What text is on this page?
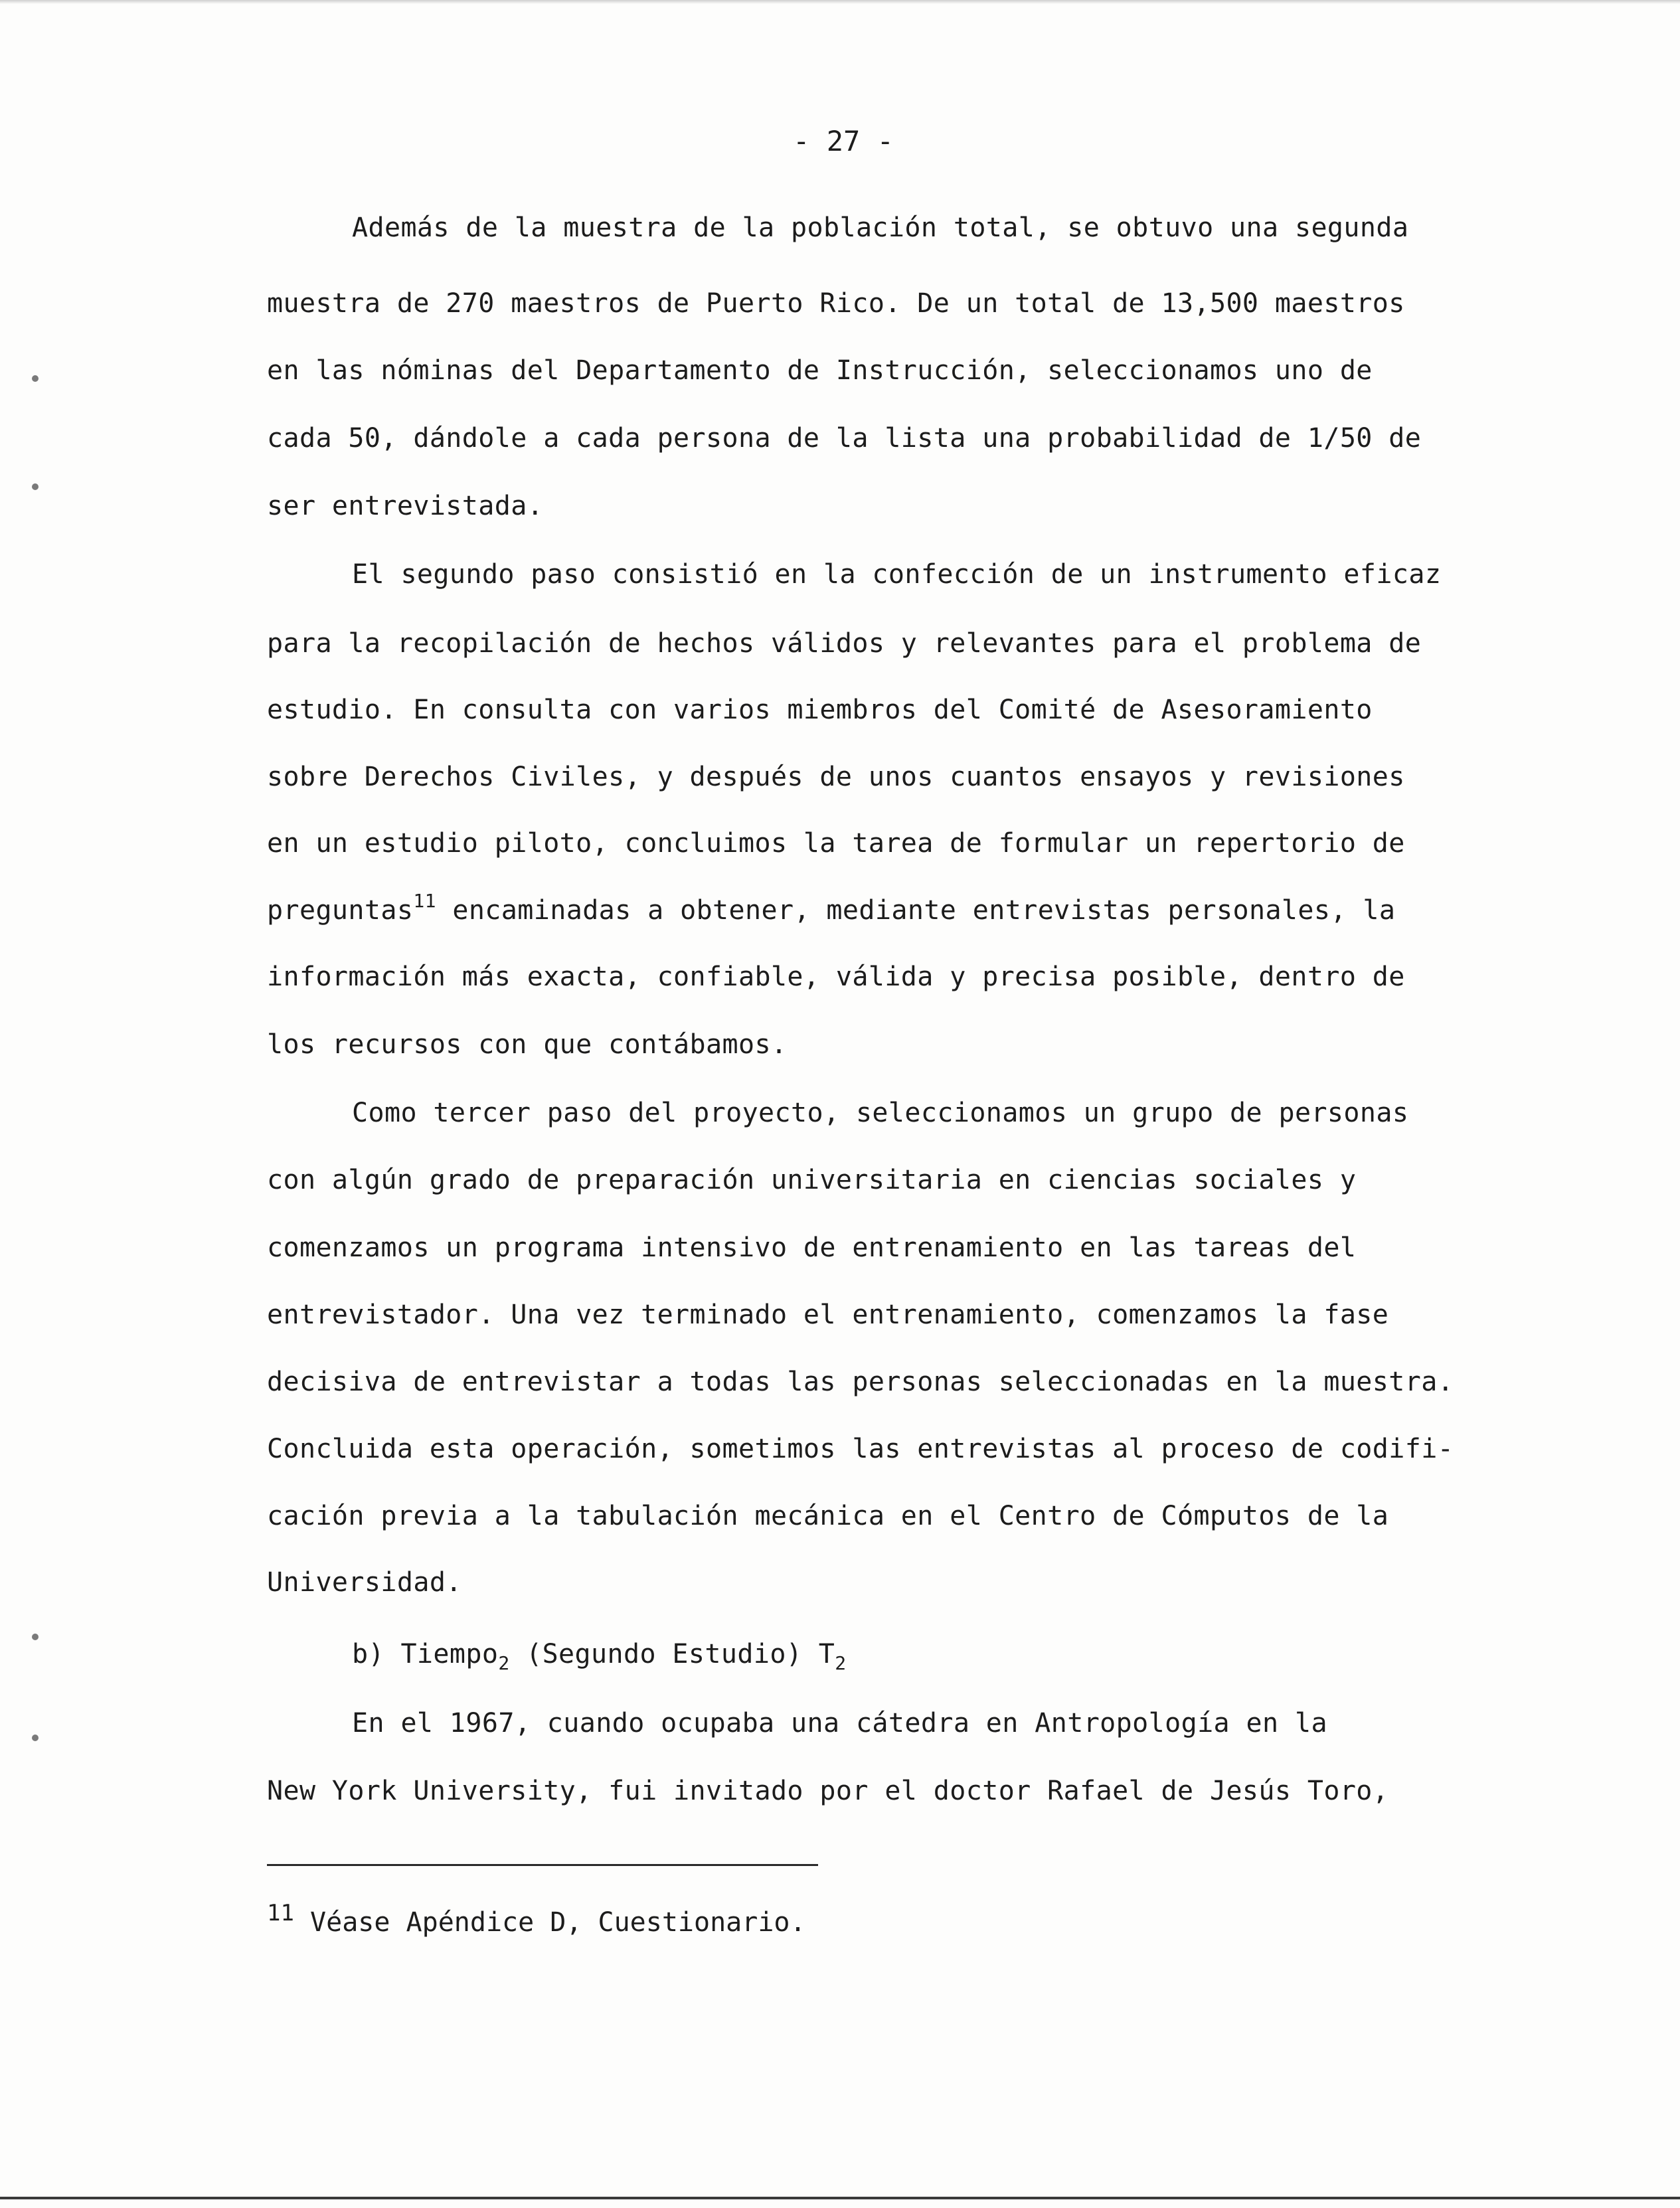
- 27 -
Además de la muestra de la población total, se obtuvo una segunda
muestra de 270 maestros de Puerto Rico. De un total de 13,500 maestros
en las nóminas del Departamento de Instrucción, seleccionamos uno de
cada 50, dándole a cada persona de la lista una probabilidad de 1/50 de
ser entrevistada.
El segundo paso consistió en la confección de un instrumento eficaz
para la recopilación de hechos válidos y relevantes para el problema de
estudio. En consulta con varios miembros del Comité de Asesoramiento
sobre Derechos Civiles, y después de unos cuantos ensayos y revisiones
en un estudio piloto, concluimos la tarea de formular un repertorio de
preguntas$^{11}$ encaminadas a obtener, mediante entrevistas personales, la
información más exacta, confiable, válida y precisa posible, dentro de
los recursos con que contábamos.
Como tercer paso del proyecto, seleccionamos un grupo de personas
con algún grado de preparación universitaria en ciencias sociales y
comenzamos un programa intensivo de entrenamiento en las tareas del
entrevistador. Una vez terminado el entrenamiento, comenzamos la fase
decisiva de entrevistar a todas las personas seleccionadas en la muestra.
Concluida esta operación, sometimos las entrevistas al proceso de codifi-
cación previa a la tabulación mecánica en el Centro de Cómputos de la
Universidad.
b) Tiempo$_2$ (Segundo Estudio) $T_2$
En el 1967, cuando ocupaba una cátedra en Antropología en la
New York University, fui invitado por el doctor Rafael de Jesús Toro,
$^{11}$ Véase Apéndice D, Cuestionario.
